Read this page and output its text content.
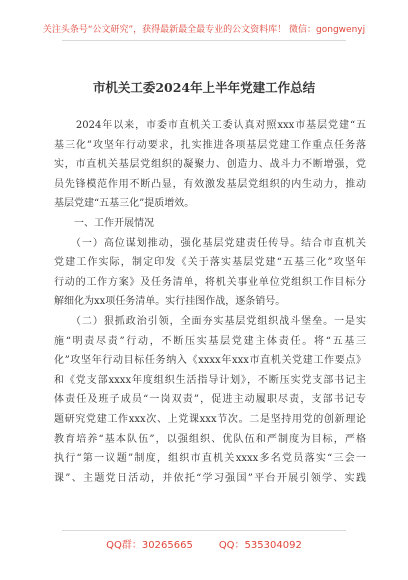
关注头条号“公文研究”，获得最新最全最专业的公文资料库！ 微信：gongwenyj
市机关工委2024年上半年党建工作总结
　　2024年以来，市委市直机关工委认真对照xxx市基层党建“五
基三化”攻坚年行动要求，扎实推进各项基层党建工作重点任务落
实，市直机关基层党组织的凝聚力、创造力、战斗力不断增强，党
员先锋模范作用不断凸显，有效激发基层党组织的内生动力，推动
基层党建“五基三化”提质增效。
　　一、工作开展情况
　　（一）高位谋划推动，强化基层党建责任传导。结合市直机关
党建工作实际，制定印发《关于落实基层党建“五基三化”攻坚年
行动的工作方案》及任务清单，将机关事业单位党组织工作目标分
解细化为xx项任务清单。实行挂图作战，逐条销号。
　　（二）狠抓政治引领，全面夯实基层党组织战斗堡垒。一是实
施“明责尽责”行动，不断压实基层党建主体责任。将“五基三
化”攻坚年行动目标任务纳入《xxxx年xxx市直机关党建工作要点》
和《党支部xxxx年度组织生活指导计划》，不断压实党支部书记主
体责任及班子成员“一岗双责”，促进主动履职尽责，支部书记专
题研究党建工作xxx次、上党课xxx节次。二是坚持用党的创新理论
教育培养“基本队伍”，以强组织、优队伍和严制度为目标，严格
执行“第一议题”制度，组织市直机关xxxx多名党员落实“三会一
课”、主题党日活动，并依托“学习强国”平台开展引领学、实践
QQ群：30265665	QQ：535304092
